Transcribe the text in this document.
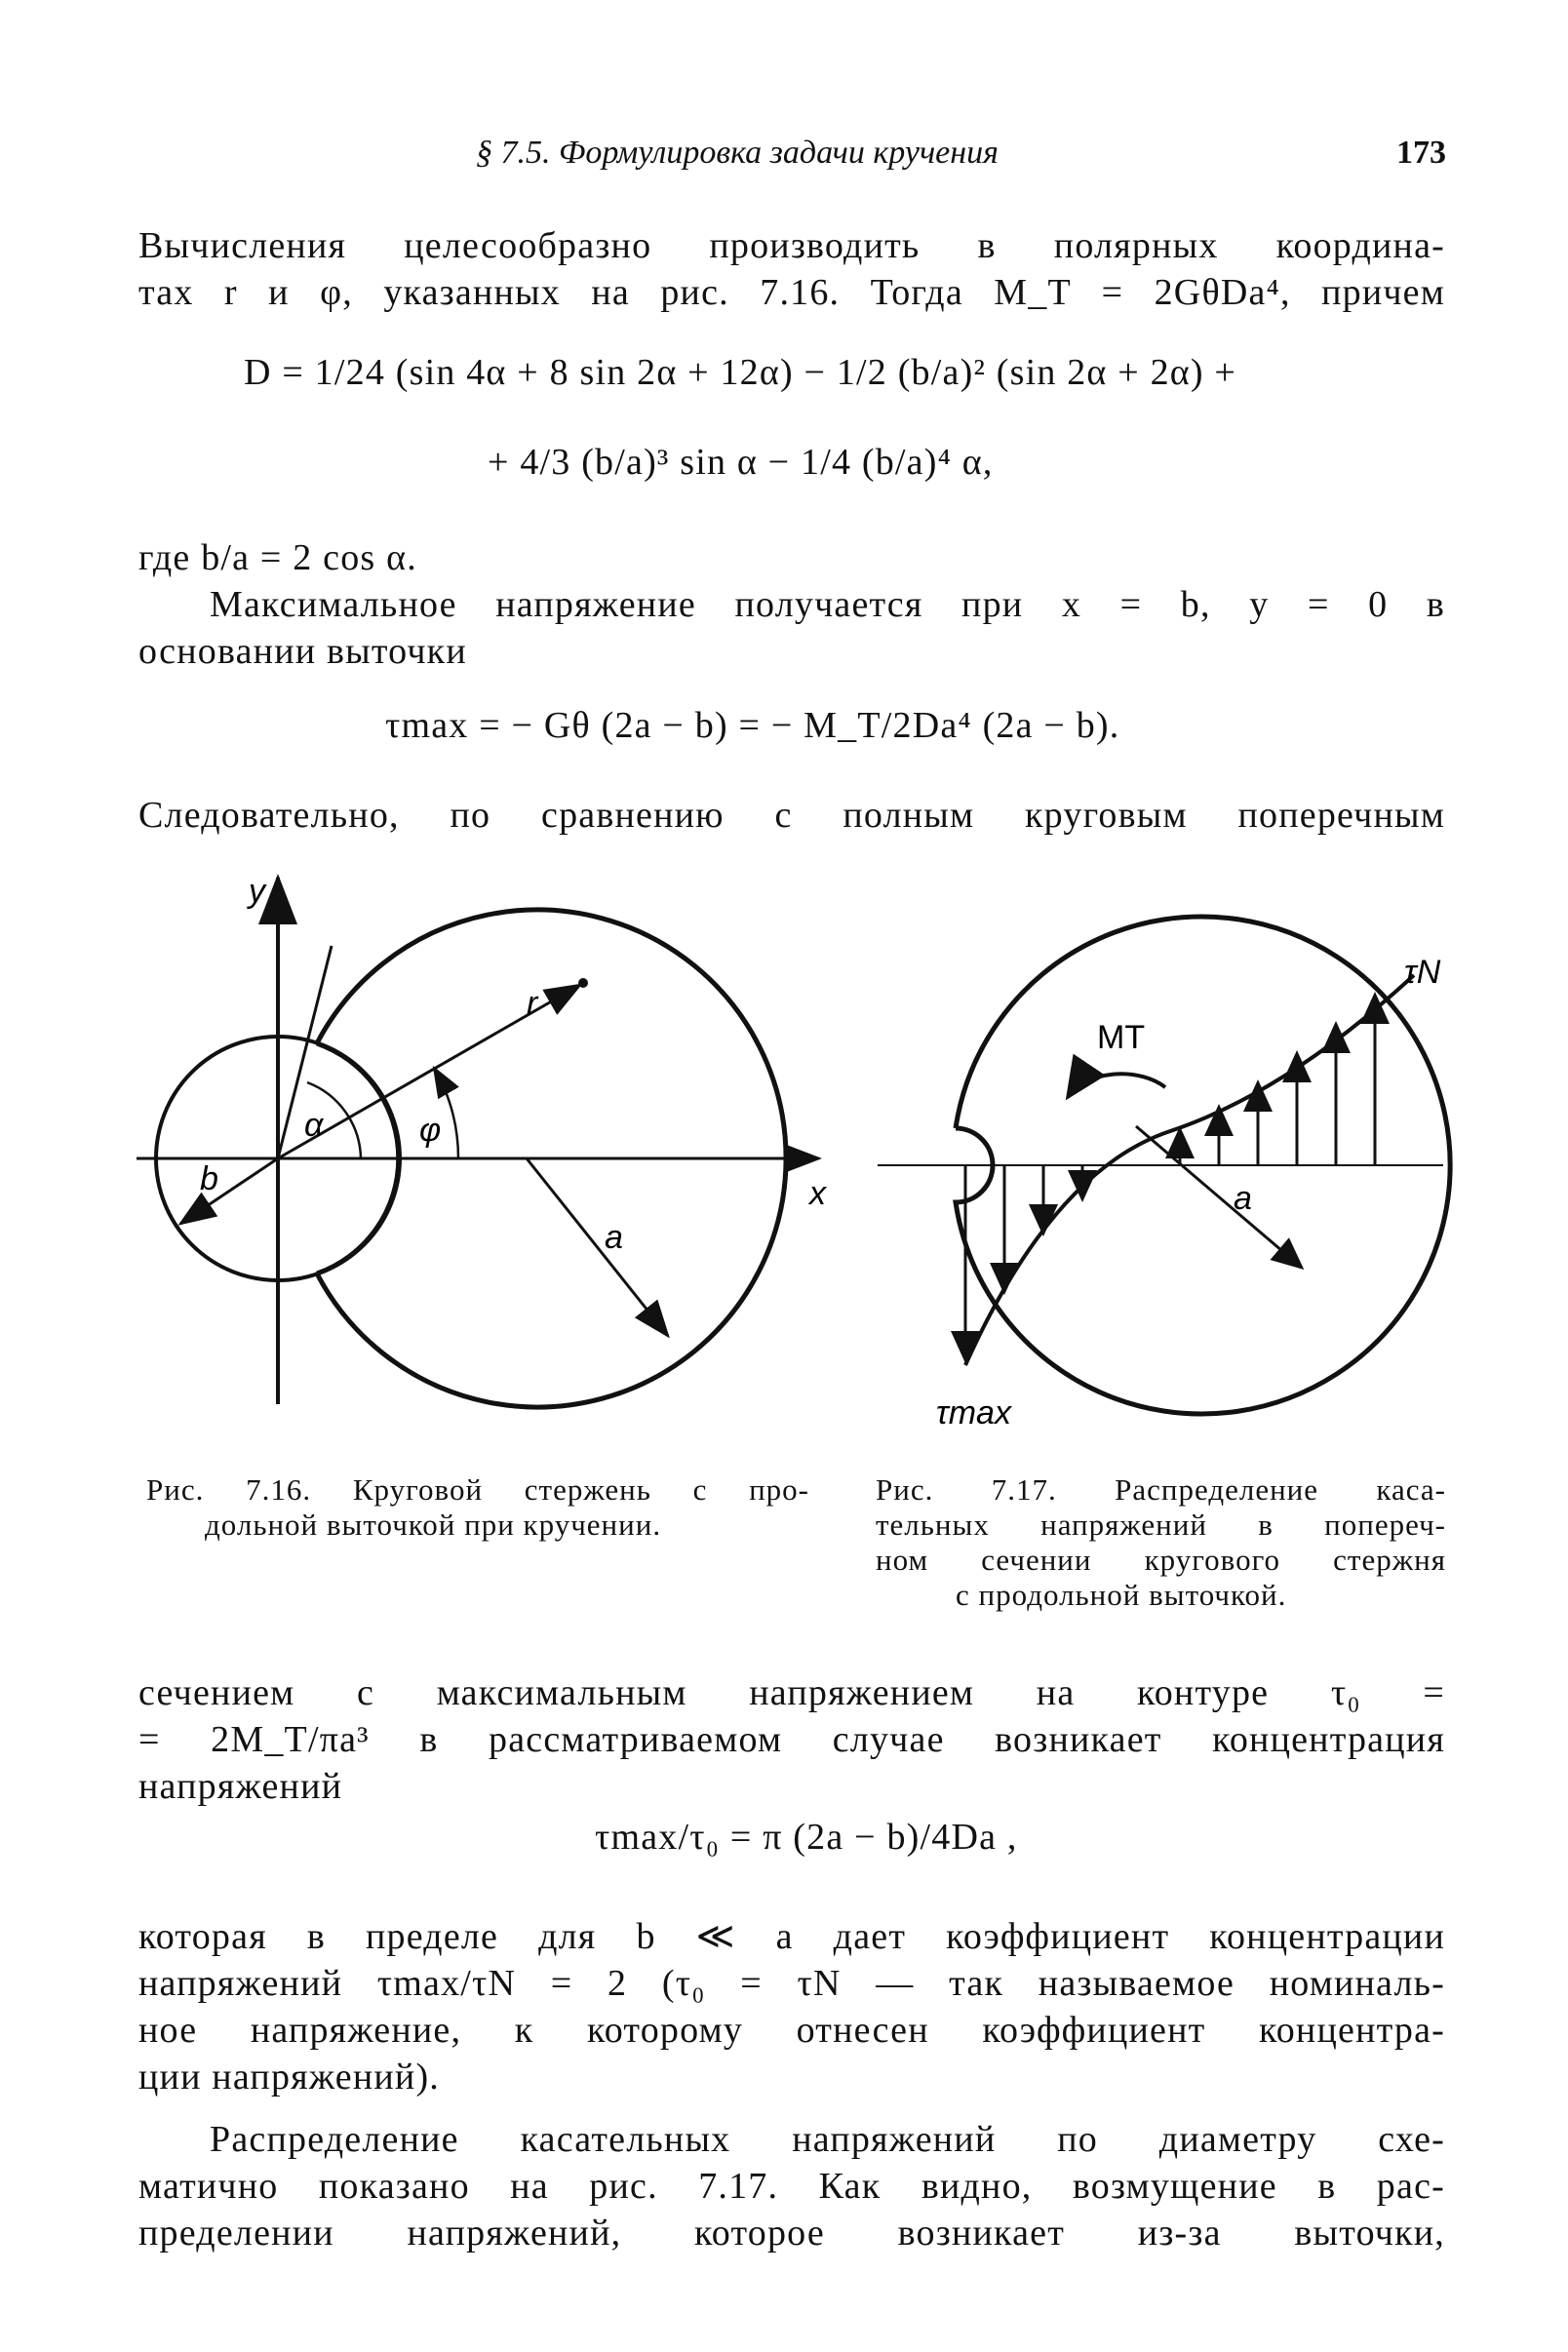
§ 7.5. Формулировка задачи кручения	173
Вычисления целесообразно производить в полярных координа-
тах r и φ, указанных на рис. 7.16. Тогда M_T = 2GθDa⁴, причем
D = 1/24 (sin 4α + 8 sin 2α + 12α) − 1/2 (b/a)² (sin 2α + 2α) +
+ 4/3 (b/a)³ sin α − 1/4 (b/a)⁴ α,
где b/a = 2 cos α.
Максимальное напряжение получается при x = b, y = 0 в
основании выточки
τmax = − Gθ (2a − b) = − M_T/2Da⁴ (2a − b).
Следовательно, по сравнению с полным круговым поперечным
y
x
r
φ
α
b
a
MT
τN
τmax
a
Рис. 7.16. Круговой стержень с про-
дольной выточкой при кручении.
Рис. 7.17. Распределение каса-
тельных напряжений в попереч-
ном сечении кругового стержня
с продольной выточкой.
сечением с максимальным напряжением на контуре τ₀ =
= 2M_T/πa³ в рассматриваемом случае возникает концентрация
напряжений
τmax/τ₀ = π (2a − b)/4Da ,
которая в пределе для b ≪ a дает коэффициент концентрации
напряжений τmax/τN = 2 (τ₀ = τN — так называемое номиналь-
ное напряжение, к которому отнесен коэффициент концентра-
ции напряжений).
Распределение касательных напряжений по диаметру схе-
матично показано на рис. 7.17. Как видно, возмущение в рас-
пределении напряжений, которое возникает из-за выточки,
